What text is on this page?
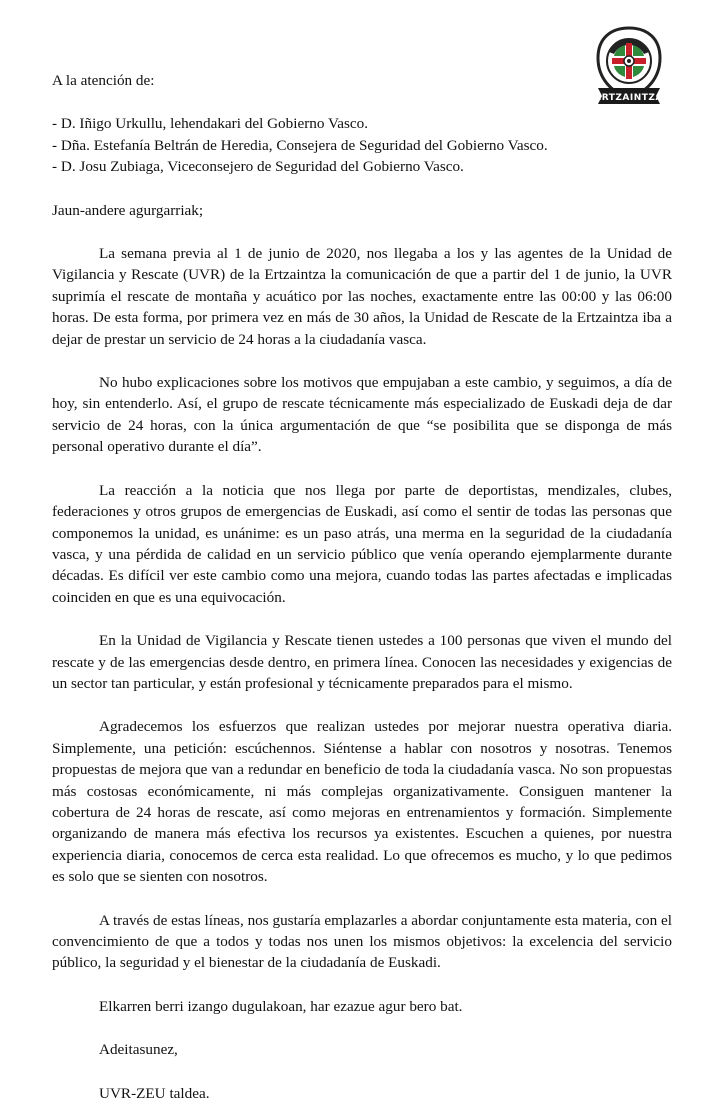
ERTZAINTZA
A la atención de:
- D. Iñigo Urkullu, lehendakari del Gobierno Vasco.
- Dña. Estefanía Beltrán de Heredia, Consejera de Seguridad del Gobierno Vasco.
- D. Josu Zubiaga, Viceconsejero de Seguridad del Gobierno Vasco.
Jaun-andere agurgarriak;

La semana previa al 1 de junio de 2020, nos llegaba a los y las agentes de la Unidad de Vigilancia y Rescate (UVR) de la Ertzaintza la comunicación de que a partir del 1 de junio, la UVR suprimía el rescate de montaña y acuático por las noches, exactamente entre las 00:00 y las 06:00 horas. De esta forma, por primera vez en más de 30 años, la Unidad de Rescate de la Ertzaintza iba a dejar de prestar un servicio de 24 horas a la ciudadanía vasca.

No hubo explicaciones sobre los motivos que empujaban a este cambio, y seguimos, a día de hoy, sin entenderlo. Así, el grupo de rescate técnicamente más especializado de Euskadi deja de dar servicio de 24 horas, con la única argumentación de que “se posibilita que se disponga de más personal operativo durante el día”.

La reacción a la noticia que nos llega por parte de deportistas, mendizales, clubes, federaciones y otros grupos de emergencias de Euskadi, así como el sentir de todas las personas que componemos la unidad, es unánime: es un paso atrás, una merma en la seguridad de la ciudadanía vasca, y una pérdida de calidad en un servicio público que venía operando ejemplarmente durante décadas. Es difícil ver este cambio como una mejora, cuando todas las partes afectadas e implicadas coinciden en que es una equivocación.

En la Unidad de Vigilancia y Rescate tienen ustedes a 100 personas que viven el mundo del rescate y de las emergencias desde dentro, en primera línea. Conocen las necesidades y exigencias de un sector tan particular, y están profesional y técnicamente preparados para el mismo.

Agradecemos los esfuerzos que realizan ustedes por mejorar nuestra operativa diaria. Simplemente, una petición: escúchennos. Siéntense a hablar con nosotros y nosotras. Tenemos propuestas de mejora que van a redundar en beneficio de toda la ciudadanía vasca. No son propuestas más costosas económicamente, ni más complejas organizativamente. Consiguen mantener la cobertura de 24 horas de rescate, así como mejoras en entrenamientos y formación. Simplemente organizando de manera más efectiva los recursos ya existentes. Escuchen a quienes, por nuestra experiencia diaria, conocemos de cerca esta realidad. Lo que ofrecemos es mucho, y lo que pedimos es solo que se sienten con nosotros.

A través de estas líneas, nos gustaría emplazarles a abordar conjuntamente esta materia, con el convencimiento de que a todos y todas nos unen los mismos objetivos: la excelencia del servicio público, la seguridad y el bienestar de la ciudadanía de Euskadi.

Elkarren berri izango dugulakoan, har ezazue agur bero bat.

Adeitasunez,

UVR-ZEU taldea.
